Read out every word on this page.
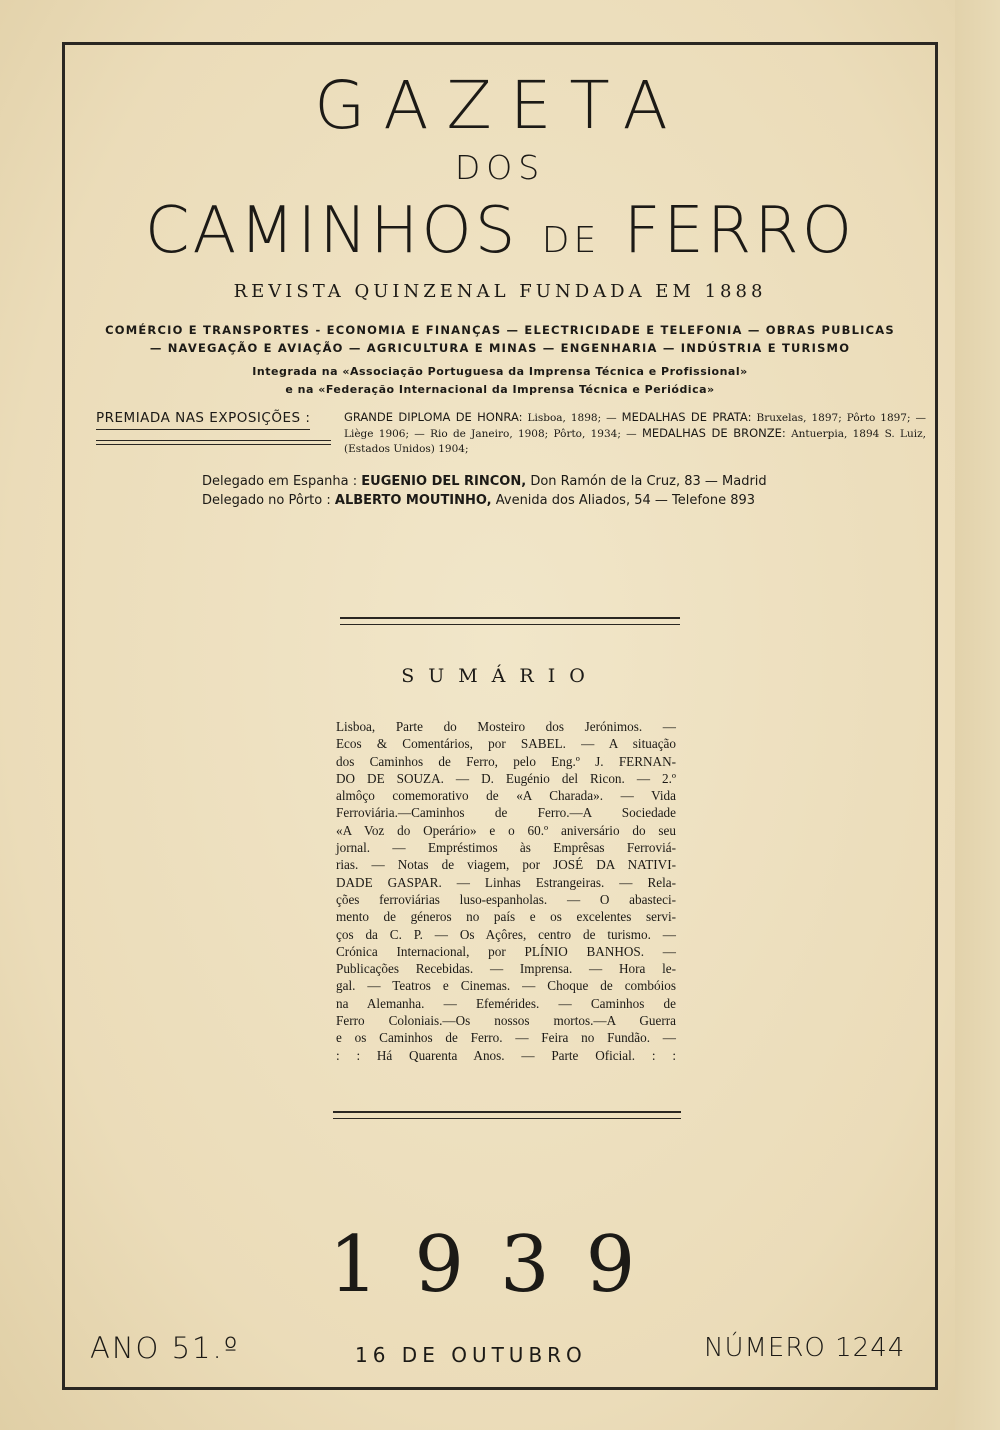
GAZETA
DOS
CAMINHOS DE FERRO
REVISTA QUINZENAL FUNDADA EM 1888
COMÉRCIO E TRANSPORTES - ECONOMIA E FINANÇAS — ELECTRICIDADE E TELEFONIA — OBRAS PUBLICAS
— NAVEGAÇÃO E AVIAÇÃO — AGRICULTURA E MINAS — ENGENHARIA — INDÚSTRIA E TURISMO
Integrada na «Associação Portuguesa da Imprensa Técnica e Profissional»
e na «Federação Internacional da Imprensa Técnica e Periódica»
PREMIADA NAS EXPOSIÇÕES :	GRANDE DIPLOMA DE HONRA: Lisboa, 1898; — MEDALHAS DE PRATA: Bruxelas, 1897; Pôrto 1897; — Liège 1906; — Rio de Janeiro, 1908; Pôrto, 1934; — MEDALHAS DE BRONZE: Antuerpia, 1894 S. Luiz, (Estados Unidos) 1904;
Delegado em Espanha : EUGENIO DEL RINCON, Don Ramón de la Cruz, 83 — Madrid
Delegado no Pôrto : ALBERTO MOUTINHO, Avenida dos Aliados, 54 — Telefone 893
SUMÁRIO
Lisboa, Parte do Mosteiro dos Jerónimos. —
Ecos & Comentários, por SABEL. — A situação
dos Caminhos de Ferro, pelo Eng.º J. FERNAN-
DO DE SOUZA. — D. Eugénio del Ricon. — 2.º
almôço comemorativo de «A Charada». — Vida
Ferroviária.—Caminhos de Ferro.—A Sociedade
«A Voz do Operário» e o 60.º aniversário do seu
jornal. — Empréstimos às Emprêsas Ferroviá-
rias. — Notas de viagem, por JOSÉ DA NATIVI-
DADE GASPAR. — Linhas Estrangeiras. — Rela-
ções ferroviárias luso-espanholas. — O abasteci-
mento de géneros no país e os excelentes servi-
ços da C. P. — Os Açôres, centro de turismo. —
Crónica Internacional, por PLÍNIO BANHOS. —
Publicações Recebidas. — Imprensa. — Hora le-
gal. — Teatros e Cinemas. — Choque de combóios
na Alemanha. — Efemérides. — Caminhos de
Ferro Coloniais.—Os nossos mortos.—A Guerra
e os Caminhos de Ferro. — Feira no Fundão. —
: : Há Quarenta Anos. — Parte Oficial. : :
1939
ANO 51.º	16 DE OUTUBRO	NÚMERO 1244
